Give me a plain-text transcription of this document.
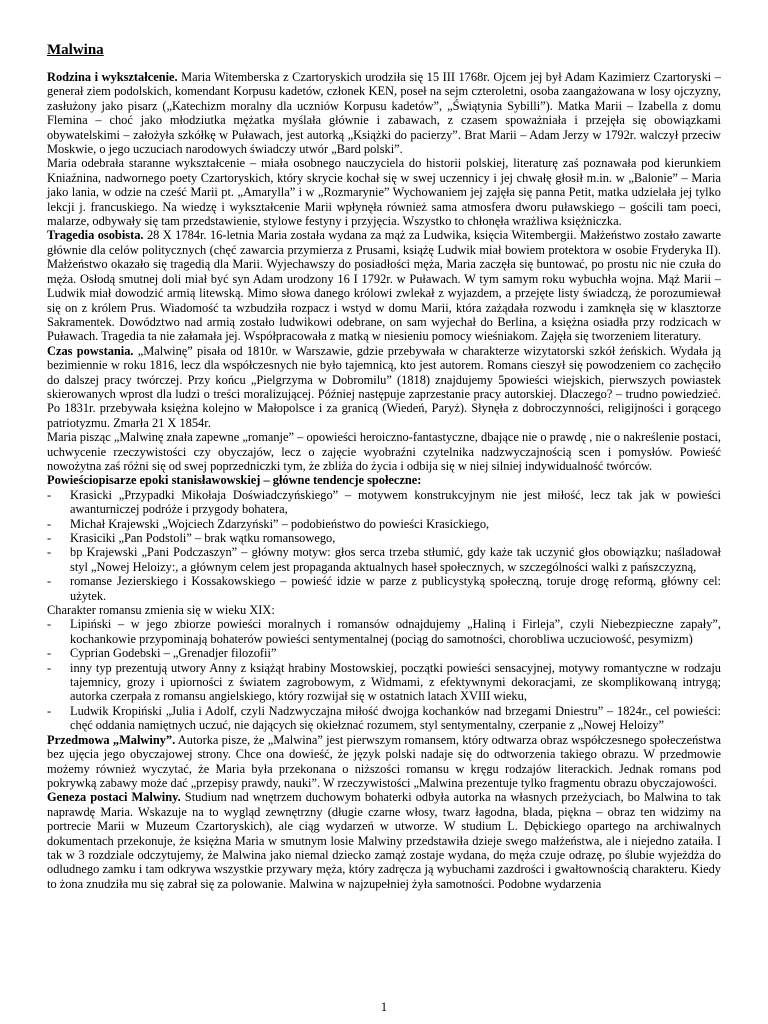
Malwina

Rodzina i wykształcenie. Maria Witemberska z Czartoryskich urodziła się 15 III 1768r. Ojcem jej był Adam Kazimierz Czartoryski – generał ziem podolskich, komendant Korpusu kadetów, członek KEN, poseł na sejm czteroletni, osoba zaangażowana w losy ojczyzny, zasłużony jako pisarz („Katechizm moralny dla uczniów Korpusu kadetów”, „Świątynia Sybilli”). Matka Marii – Izabella z domu Flemina – choć jako młodziutka mężatka myślała głównie i zabawach, z czasem spoważniała i przejęła się obowiązkami obywatelskimi – założyła szkółkę w Puławach, jest autorką „Książki do pacierzy”. Brat Marii – Adam Jerzy w 1792r. walczył przeciw Moskwie, o jego uczuciach narodowych świadczy utwór „Bard polski”.

Maria odebrała staranne wykształcenie – miała osobnego nauczyciela do historii polskiej, literaturę zaś poznawała pod kierunkiem Kniaźnina, nadwornego poety Czartoryskich, który skrycie kochał się w swej uczennicy i jej chwałę głosił m.in. w „Balonie” – Maria jako lania, w odzie na cześć Marii pt. „Amarylla” i w „Rozmarynie” Wychowaniem jej zajęła się panna Petit, matka udzielała jej tylko lekcji j. francuskiego. Na wiedzę i wykształcenie Marii wpłynęła również sama atmosfera dworu puławskiego – gościli tam poeci, malarze, odbywały się tam przedstawienie, stylowe festyny i przyjęcia. Wszystko to chłonęła wrażliwa księżniczka.

Tragedia osobista. 28 X 1784r. 16-letnia Maria została wydana za mąż za Ludwika, księcia Witembergii. Małżeństwo zostało zawarte głównie dla celów politycznych (chęć zawarcia przymierza z Prusami, książę Ludwik miał bowiem protektora w osobie Fryderyka II). Małżeństwo okazało się tragedią dla Marii. Wyjechawszy do posiadłości męża, Maria zaczęła się buntować, po prostu nic nie czuła do męża. Osłodą smutnej doli miał być syn Adam urodzony 16 I 1792r. w Puławach. W tym samym roku wybuchła wojna. Mąż Marii – Ludwik miał dowodzić armią litewską. Mimo słowa danego królowi zwlekał z wyjazdem, a przejęte listy świadczą, że porozumiewał się on z królem Prus. Wiadomość ta wzbudziła rozpacz i wstyd w domu Marii, która zażądała rozwodu i zamknęła się w klasztorze Sakramentek. Dowództwo nad armią zostało ludwikowi odebrane, on sam wyjechał do Berlina, a księżna osiadła przy rodzicach w Puławach. Tragedia ta nie załamała jej. Współpracowała z matką w niesieniu pomocy wieśniakom. Zajęła się tworzeniem literatury.

Czas powstania. „Malwinę” pisała od 1810r. w Warszawie, gdzie przebywała w charakterze wizytatorski szkół żeńskich. Wydała ją bezimiennie w roku 1816, lecz dla współczesnych nie było tajemnicą, kto jest autorem. Romans cieszył się powodzeniem co zachęciło do dalszej pracy twórczej. Przy końcu „Pielgrzyma w Dobromilu” (1818) znajdujemy 5powieści wiejskich, pierwszych powiastek skierowanych wprost dla ludzi o treści moralizującej. Później następuje zaprzestanie pracy autorskiej. Dlaczego? – trudno powiedzieć. Po 1831r. przebywała księżna kolejno w Małopolsce i za granicą (Wiedeń, Paryż). Słynęła z dobroczynności, religijności i gorącego patriotyzmu. Zmarła 21 X 1854r.

Maria pisząc „Malwinę znała zapewne „romanje” – opowieści heroiczno-fantastyczne, dbające nie o prawdę , nie o nakreślenie postaci, uchwycenie rzeczywistości czy obyczajów, lecz o zajęcie wyobraźni czytelnika nadzwyczajnością scen i pomysłów. Powieść nowożytna zaś różni się od swej poprzedniczki tym, że zbliża do życia i odbija się w niej silniej indywidualność twórców.

Powieściopisarze epoki stanisławowskiej – główne tendencje społeczne:

- Krasicki „Przypadki Mikołaja Doświadczyńskiego” – motywem konstrukcyjnym nie jest miłość, lecz tak jak w powieści awanturniczej podróże i przygody bohatera,
- Michał Krajewski „Wojciech Zdarzyński” – podobieństwo do powieści Krasickiego,
- Krasiciki „Pan Podstoli” – brak wątku romansowego,
- bp Krajewski „Pani Podczaszyn” – główny motyw: głos serca trzeba stłumić, gdy każe tak uczynić głos obowiązku; naśladował styl „Nowej Heloizy:, a głównym celem jest propaganda aktualnych haseł społecznych, w szczególności walki z pańszczyzną,
- romanse Jezierskiego i Kossakowskiego – powieść idzie w parze z publicystyką społeczną, toruje drogę reformą, główny cel: użytek.

Charakter romansu zmienia się w wieku XIX:

- Lipiński – w jego zbiorze powieści moralnych i romansów odnajdujemy „Haliną i Firleja”, czyli Niebezpieczne zapały”, kochankowie przypominają bohaterów powieści sentymentalnej (pociąg do samotności, chorobliwa uczuciowość, pesymizm)
- Cyprian Godebski – „Grenadjer filozofii”
- inny typ prezentują utwory Anny z książąt hrabiny Mostowskiej, początki powieści sensacyjnej, motywy romantyczne w rodzaju tajemnicy, grozy i upiorności z światem zagrobowym, z Widmami, z efektywnymi dekoracjami, ze skomplikowaną intrygą; autorka czerpała z romansu angielskiego, który rozwijał się w ostatnich latach XVIII wieku,
- Ludwik Kropiński „Julia i Adolf, czyli Nadzwyczajna miłość dwojga kochanków nad brzegami Dniestru” – 1824r., cel powieści: chęć oddania namiętnych uczuć, nie dających się okiełznać rozumem, styl sentymentalny, czerpanie z „Nowej Heloizy”

Przedmowa „Malwiny”. Autorka pisze, że „Malwina” jest pierwszym romansem, który odtwarza obraz współczesnego społeczeństwa bez ujęcia jego obyczajowej strony. Chce ona dowieść, że język polski nadaje się do odtworzenia takiego obrazu. W przedmowie możemy również wyczytać, że Maria była przekonana o niższości romansu w kręgu rodzajów literackich. Jednak romans pod pokrywką zabawy może dać „przepisy prawdy, nauki”. W rzeczywistości „Malwina prezentuje tylko fragmentu obrazu obyczajowości.

Geneza postaci Malwiny. Studium nad wnętrzem duchowym bohaterki odbyła autorka na własnych przeżyciach, bo Malwina to tak naprawdę Maria. Wskazuje na to wygląd zewnętrzny (długie czarne włosy, twarz łagodna, blada, piękna – obraz ten widzimy na portrecie Marii w Muzeum Czartoryskich), ale ciąg wydarzeń w utworze. W studium L. Dębickiego opartego na archiwalnych dokumentach przekonuje, że księżna Maria w smutnym losie Malwiny przedstawiła dzieje swego małżeństwa, ale i niejedno zataiła. I tak w 3 rozdziale odczytujemy, że Malwina jako niemal dziecko zamąż zostaje wydana, do męża czuje odrazę, po ślubie wyjeżdża do odludnego zamku i tam odkrywa wszystkie przywary męża, który zadręcza ją wybuchami zazdrości i gwałtownością charakteru. Kiedy to żona znudziła mu się zabrał się za polowanie. Malwina w najzupełniej żyła samotności. Podobne wydarzenia

1
